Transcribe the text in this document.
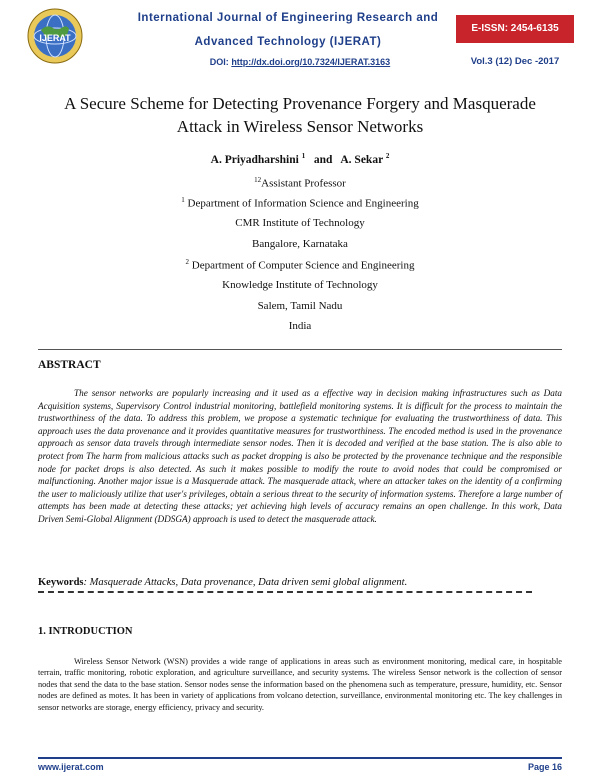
IJERAT
International Journal of Engineering Research and
Advanced Technology (IJERAT)
DOI: http://dx.doi.org/10.7324/IJERAT.3163
E-ISSN: 2454-6135
Vol.3 (12) Dec -2017
A Secure Scheme for Detecting Provenance Forgery and Masquerade Attack in Wireless Sensor Networks
A. Priyadharshini $^1$ and A. Sekar $^2$
$^{12}$Assistant Professor
$^1$ Department of Information Science and Engineering
CMR Institute of Technology
Bangalore, Karnataka
$^2$ Department of Computer Science and Engineering
Knowledge Institute of Technology
Salem, Tamil Nadu
India
ABSTRACT
The sensor networks are popularly increasing and it used as a effective way in decision making infrastructures such as Data Acquisition systems, Supervisory Control industrial monitoring, battlefield monitoring systems. It is difficult for the process to maintain the trustworthiness of the data. To address this problem, we propose a systematic technique for evaluating the trustworthiness of data. This approach uses the data provenance and it provides quantitative measures for trustworthiness. The encoded method is used in the provenance approach as sensor data travels through intermediate sensor nodes. Then it is decoded and verified at the base station. The is also able to protect from The harm from malicious attacks such as packet dropping is also be protected by the provenance technique and the responsible node for packet drops is also detected. As such it makes possible to modify the route to avoid nodes that could be compromised or malfunctioning. Another major issue is a Masquerade attack. The masquerade attack, where an attacker takes on the identity of a confirming the user to maliciously utilize that user's privileges, obtain a serious threat to the security of information systems. Therefore a large number of attempts has been made at detecting these attacks; yet achieving high levels of accuracy remains an open challenge. In this work, Data Driven Semi-Global Alignment (DDSGA) approach is used to detect the masquerade attack.
Keywords: Masquerade Attacks, Data provenance, Data driven semi global alignment.
1. INTRODUCTION
Wireless Sensor Network (WSN) provides a wide range of applications in areas such as environment monitoring, medical care, in hospitable terrain, traffic monitoring, robotic exploration, and agriculture surveillance, and security systems. The wireless Sensor network is the collection of sensor nodes that send the data to the base station. Sensor nodes sense the information based on the phenomena such as temperature, pressure, humidity, etc. Sensor nodes are defined as motes. It has been in variety of applications from volcano detection, surveillance, environmental monitoring etc. The key challenges in sensor networks are storage, energy efficiency, privacy and security.
www.ijerat.com	Page 16
